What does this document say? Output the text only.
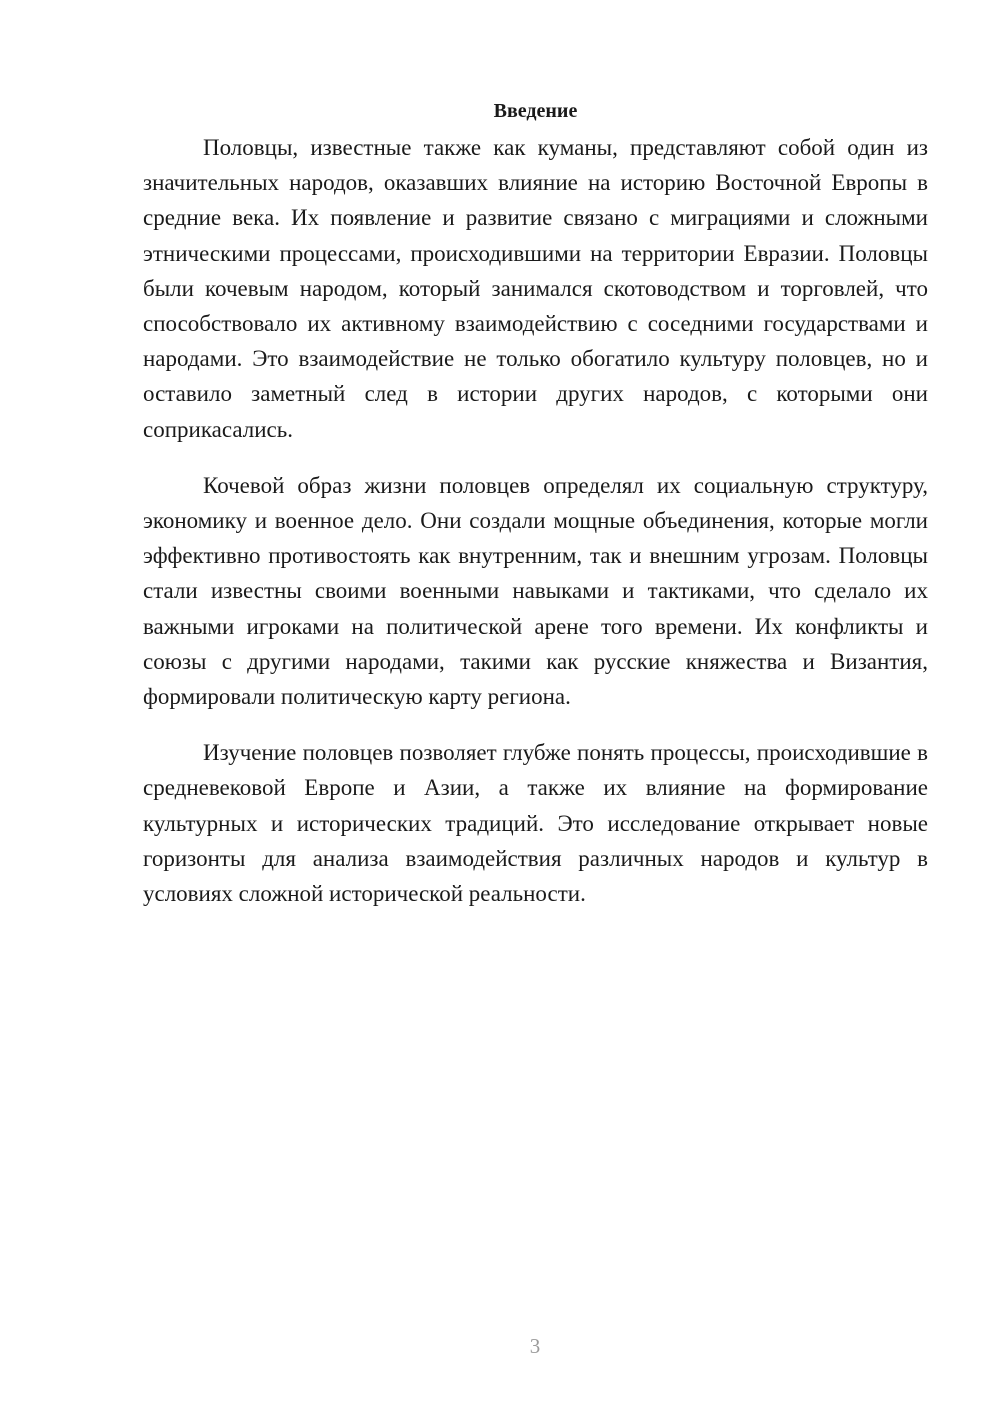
Введение

Половцы, известные также как куманы, представляют собой один из значительных народов, оказавших влияние на историю Восточной Европы в средние века. Их появление и развитие связано с миграциями и сложными этническими процессами, происходившими на территории Евразии. Половцы были кочевым народом, который занимался скотоводством и торговлей, что способствовало их активному взаимодействию с соседними государствами и народами. Это взаимодействие не только обогатило культуру половцев, но и оставило заметный след в истории других народов, с которыми они соприкасались.

Кочевой образ жизни половцев определял их социальную структуру, экономику и военное дело. Они создали мощные объединения, которые могли эффективно противостоять как внутренним, так и внешним угрозам. Половцы стали известны своими военными навыками и тактиками, что сделало их важными игроками на политической арене того времени. Их конфликты и союзы с другими народами, такими как русские княжества и Византия, формировали политическую карту региона.

Изучение половцев позволяет глубже понять процессы, происходившие в средневековой Европе и Азии, а также их влияние на формирование культурных и исторических традиций. Это исследование открывает новые горизонты для анализа взаимодействия различных народов и культур в условиях сложной исторической реальности.

3
